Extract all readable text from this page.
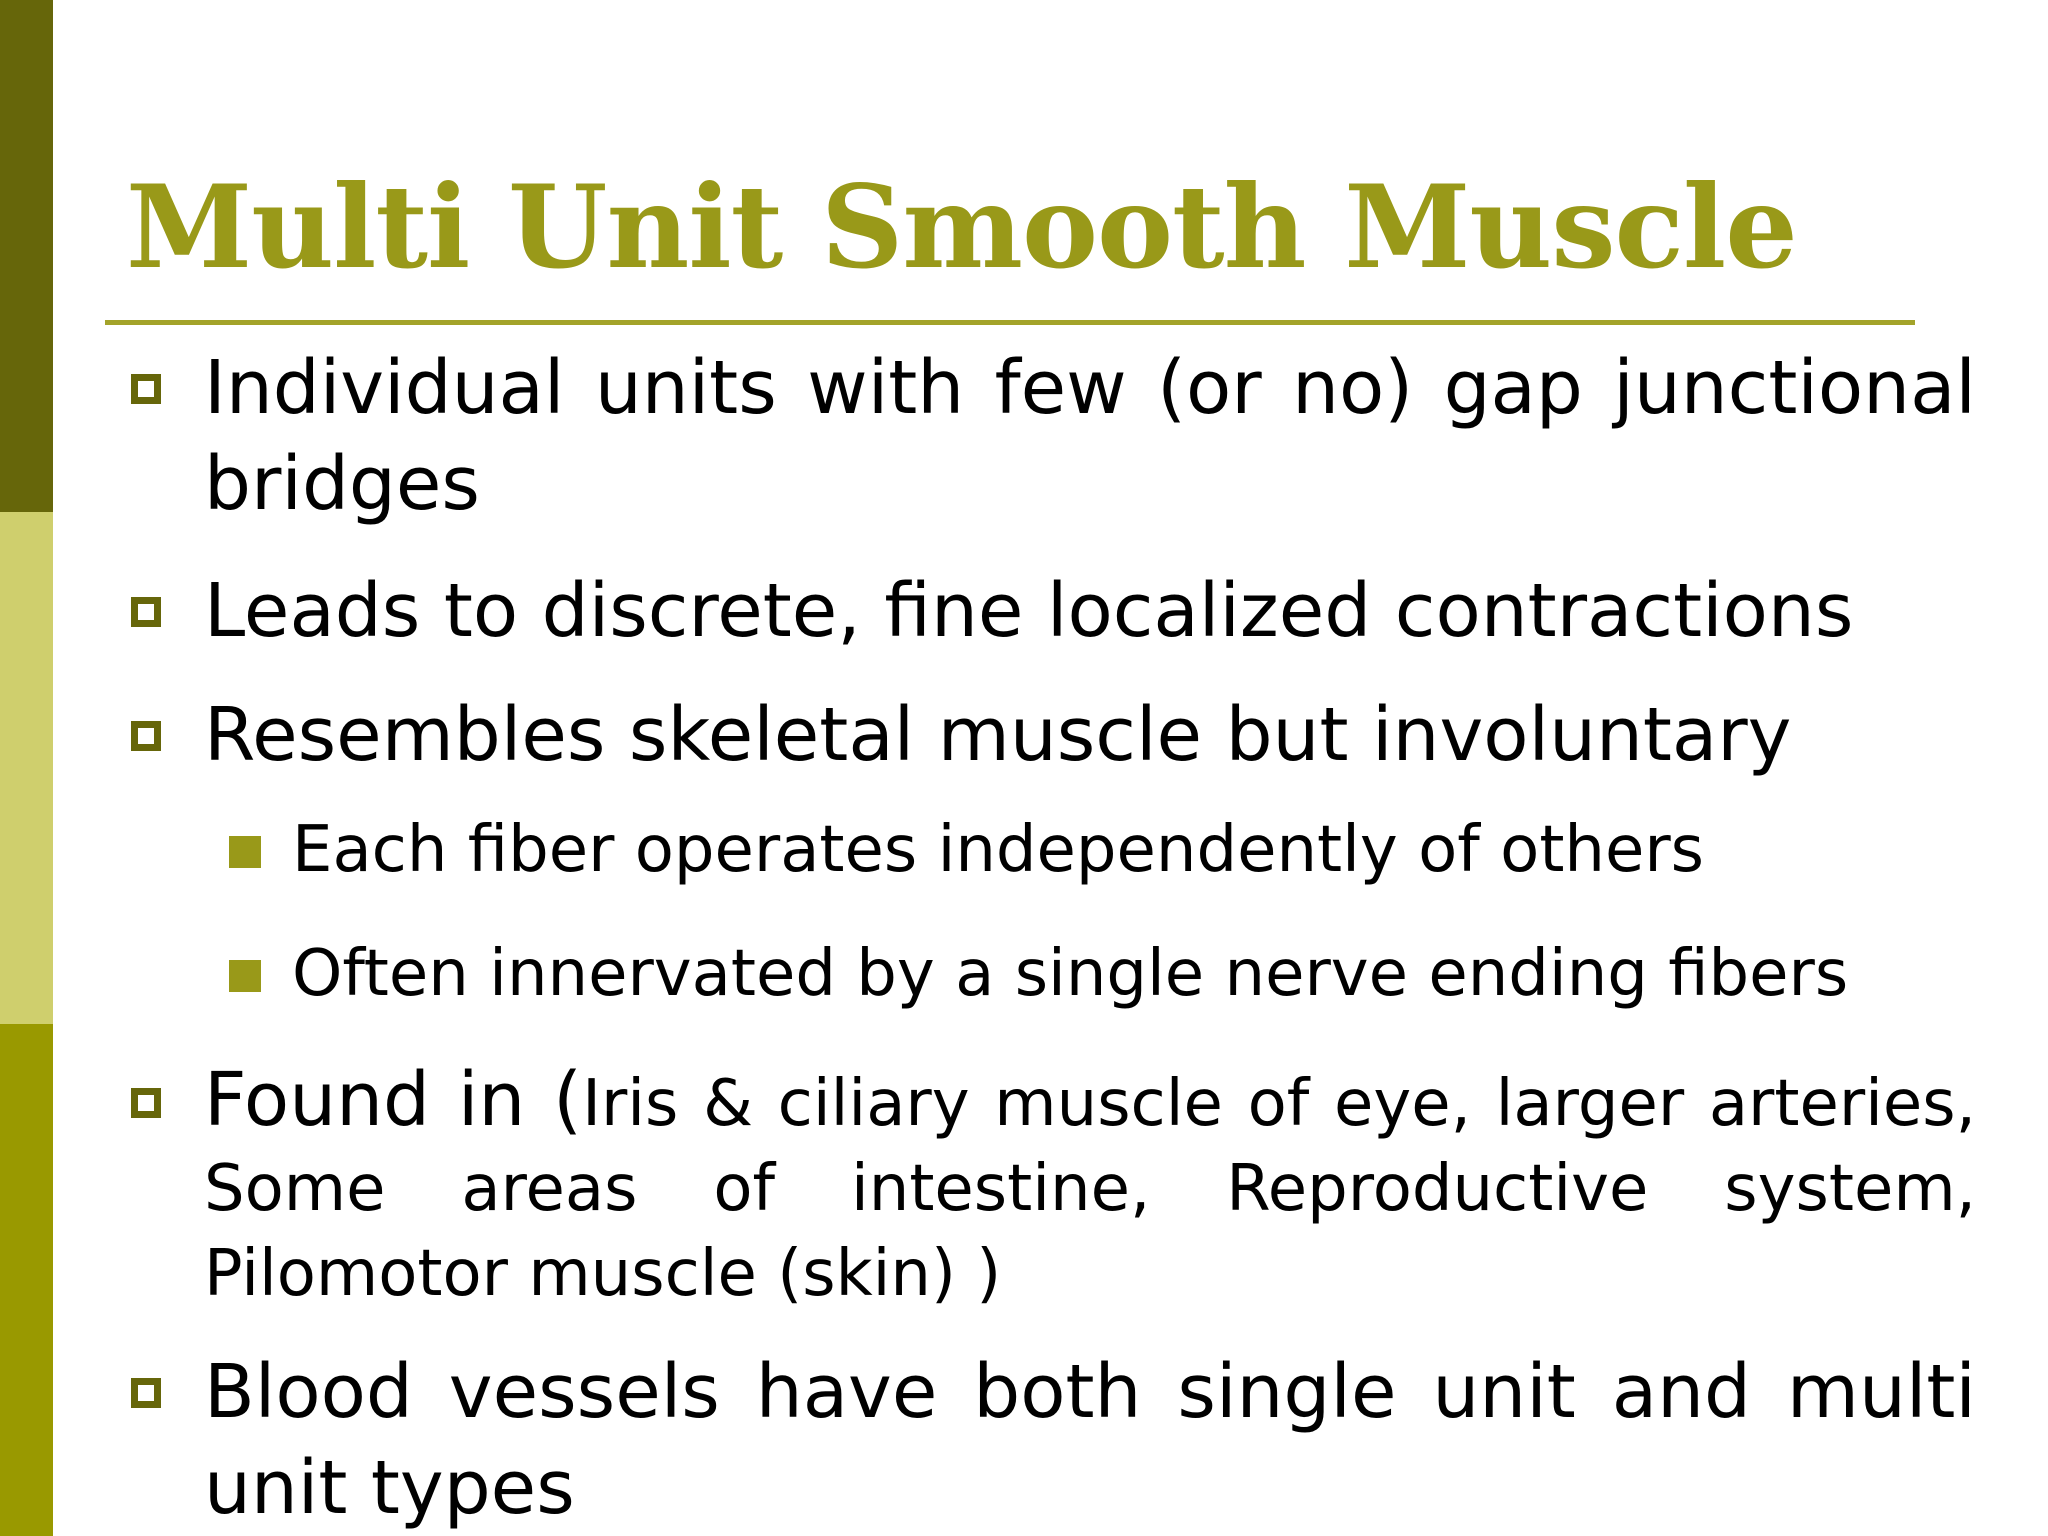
Multi Unit Smooth Muscle
Individual units with few (or no) gap junctional bridges
Leads to discrete, fine localized contractions
Resembles skeletal muscle but involuntary
Each fiber operates independently of others
Often innervated by a single nerve ending fibers
Found in (Iris & ciliary muscle of eye, larger arteries, Some areas of intestine, Reproductive system, Pilomotor muscle (skin) )
Blood vessels have both single unit and multi unit types
